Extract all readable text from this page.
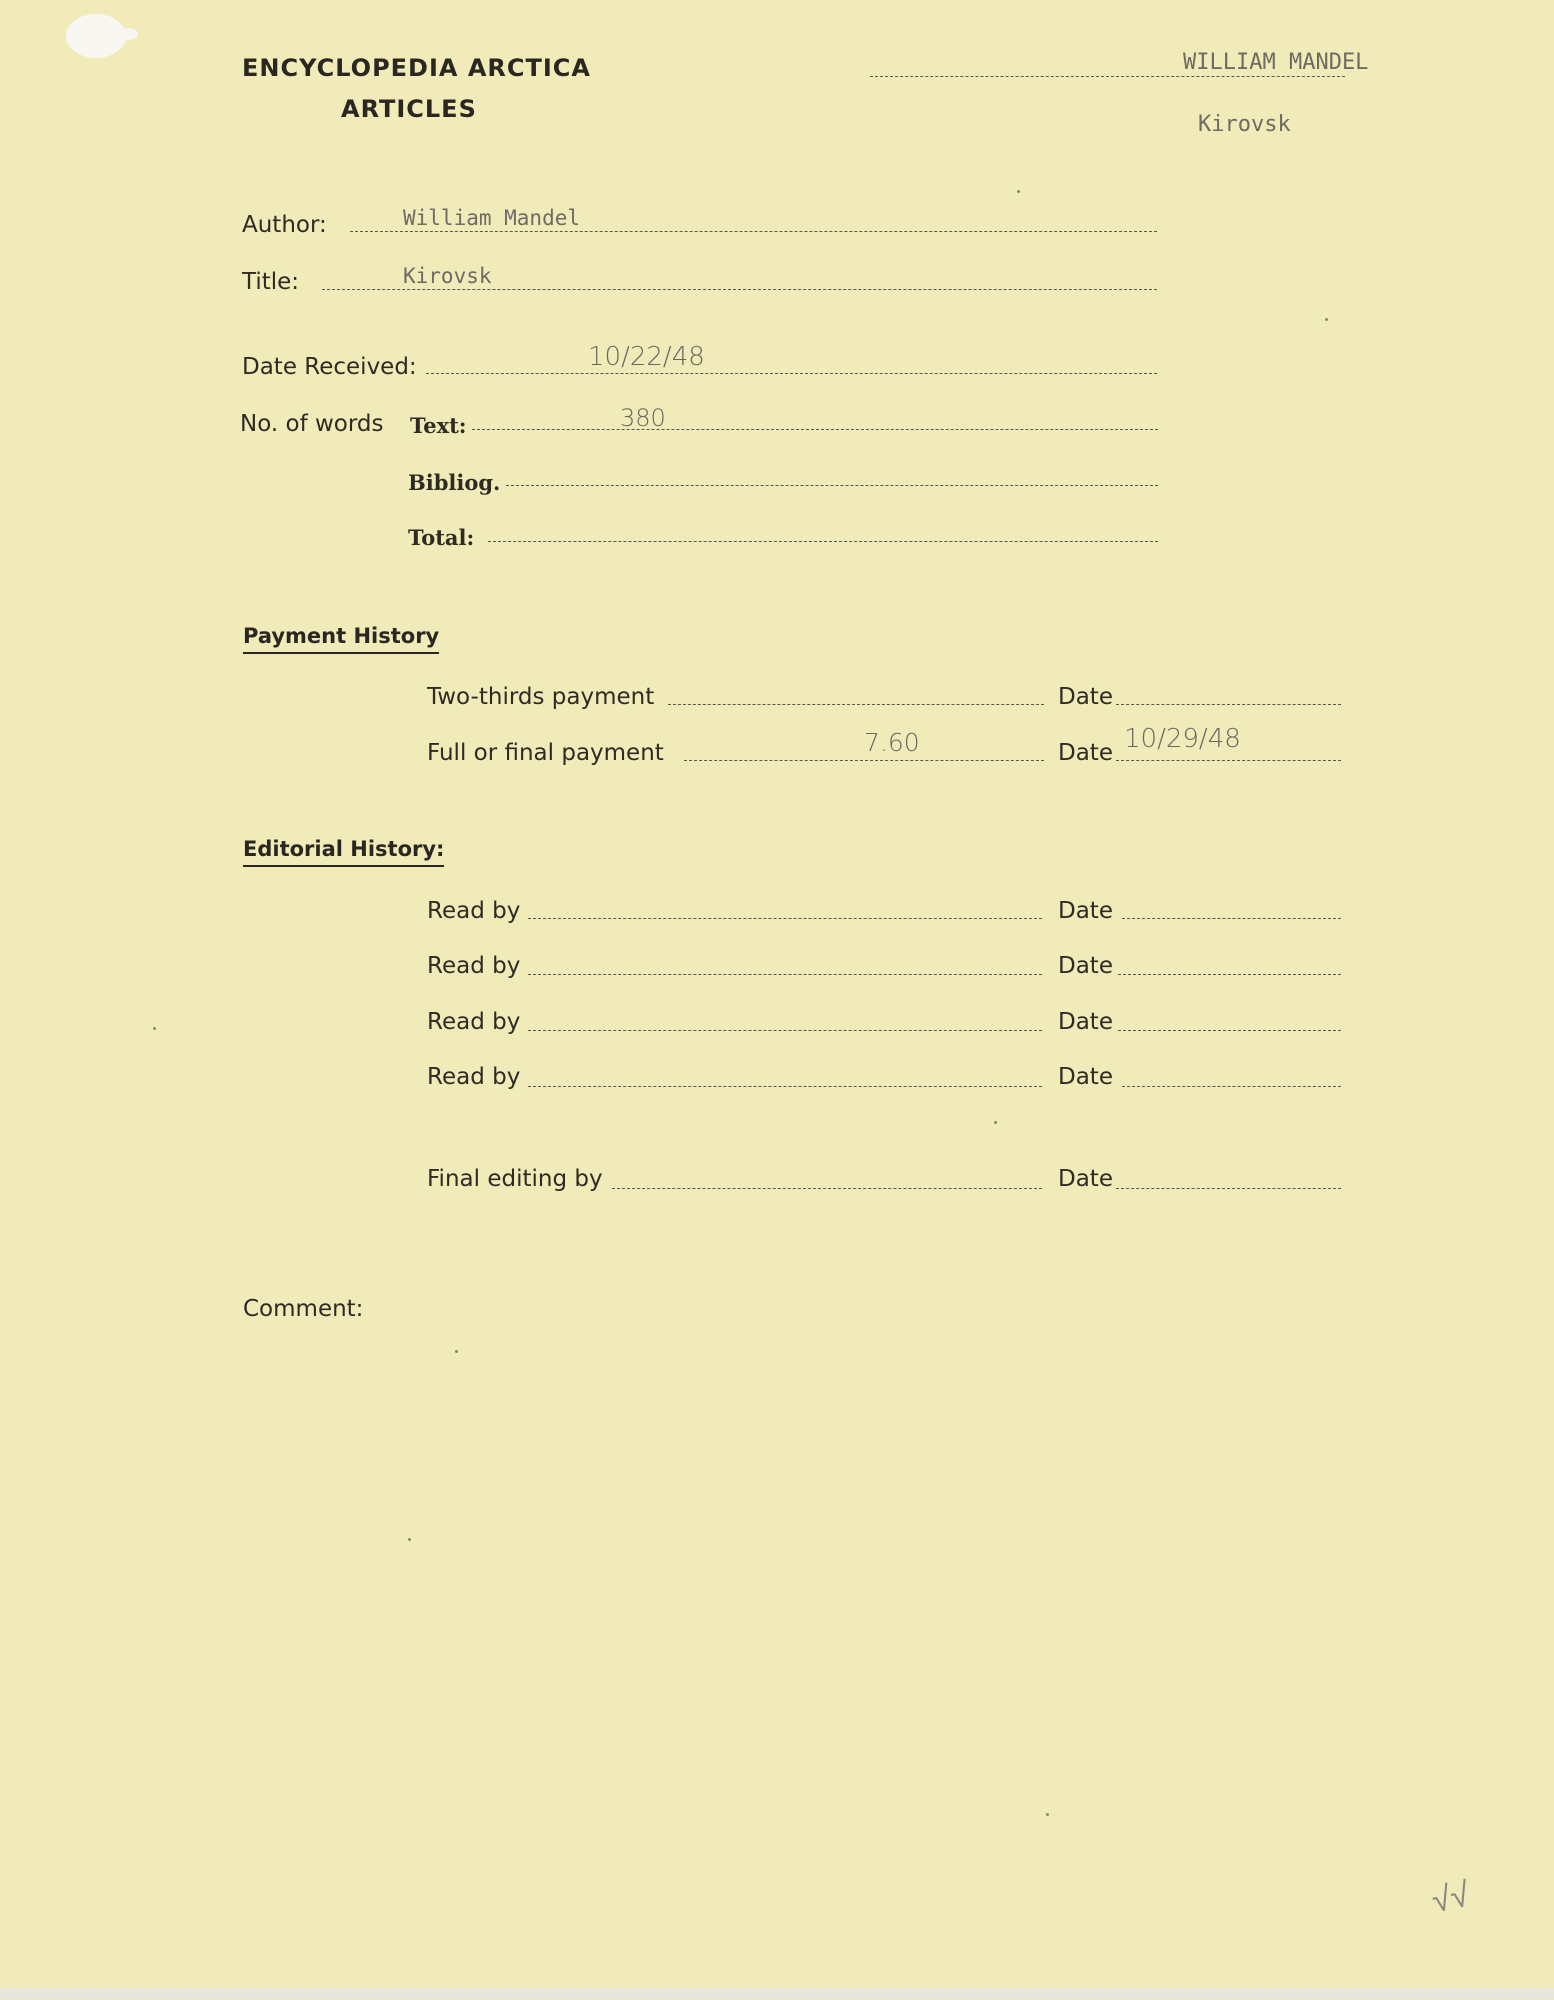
ENCYCLOPEDIA ARCTICA
ARTICLES
WILLIAM MANDEL
Kirovsk
Author:	William Mandel
Title:	Kirovsk
Date Received:	10/22/48
No. of words Text:	380
Bibliog.
Total:
Payment History
Two-thirds payment	Date
Full or final payment	7.60	Date 10/29/48
Editorial History:
Read by	Date
Read by	Date
Read by	Date
Read by	Date
Final editing by	Date
Comment:
√√
